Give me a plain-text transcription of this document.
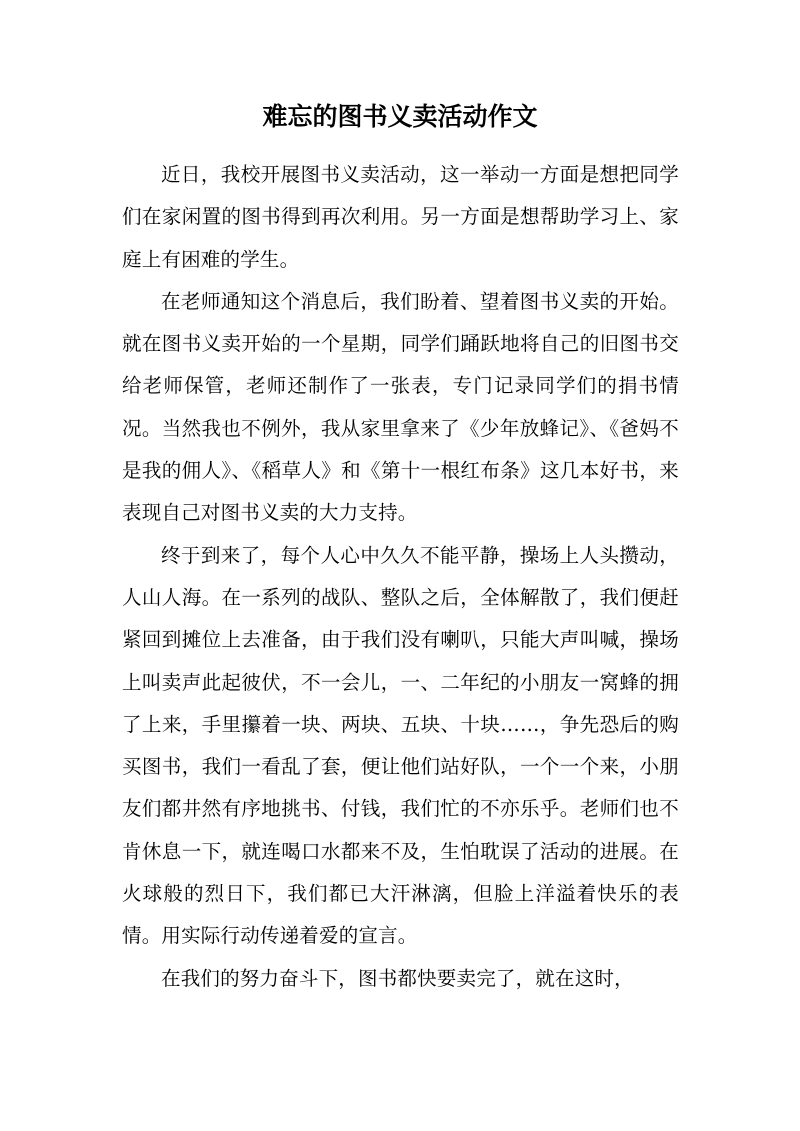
难忘的图书义卖活动作文

近日，我校开展图书义卖活动，这一举动一方面是想把同学们在家闲置的图书得到再次利用。另一方面是想帮助学习上、家庭上有困难的学生。

在老师通知这个消息后，我们盼着、望着图书义卖的开始。就在图书义卖开始的一个星期，同学们踊跃地将自己的旧图书交给老师保管，老师还制作了一张表，专门记录同学们的捐书情况。当然我也不例外，我从家里拿来了《少年放蜂记》、《爸妈不是我的佣人》、《稻草人》和《第十一根红布条》这几本好书，来表现自己对图书义卖的大力支持。

终于到来了，每个人心中久久不能平静，操场上人头攒动，人山人海。在一系列的战队、整队之后，全体解散了，我们便赶紧回到摊位上去准备，由于我们没有喇叭，只能大声叫喊，操场上叫卖声此起彼伏，不一会儿，一、二年纪的小朋友一窝蜂的拥了上来，手里攥着一块、两块、五块、十块……，争先恐后的购买图书，我们一看乱了套，便让他们站好队，一个一个来，小朋友们都井然有序地挑书、付钱，我们忙的不亦乐乎。老师们也不肯休息一下，就连喝口水都来不及，生怕耽误了活动的进展。在火球般的烈日下，我们都已大汗淋漓，但脸上洋溢着快乐的表情。用实际行动传递着爱的宣言。

在我们的努力奋斗下，图书都快要卖完了，就在这时，
